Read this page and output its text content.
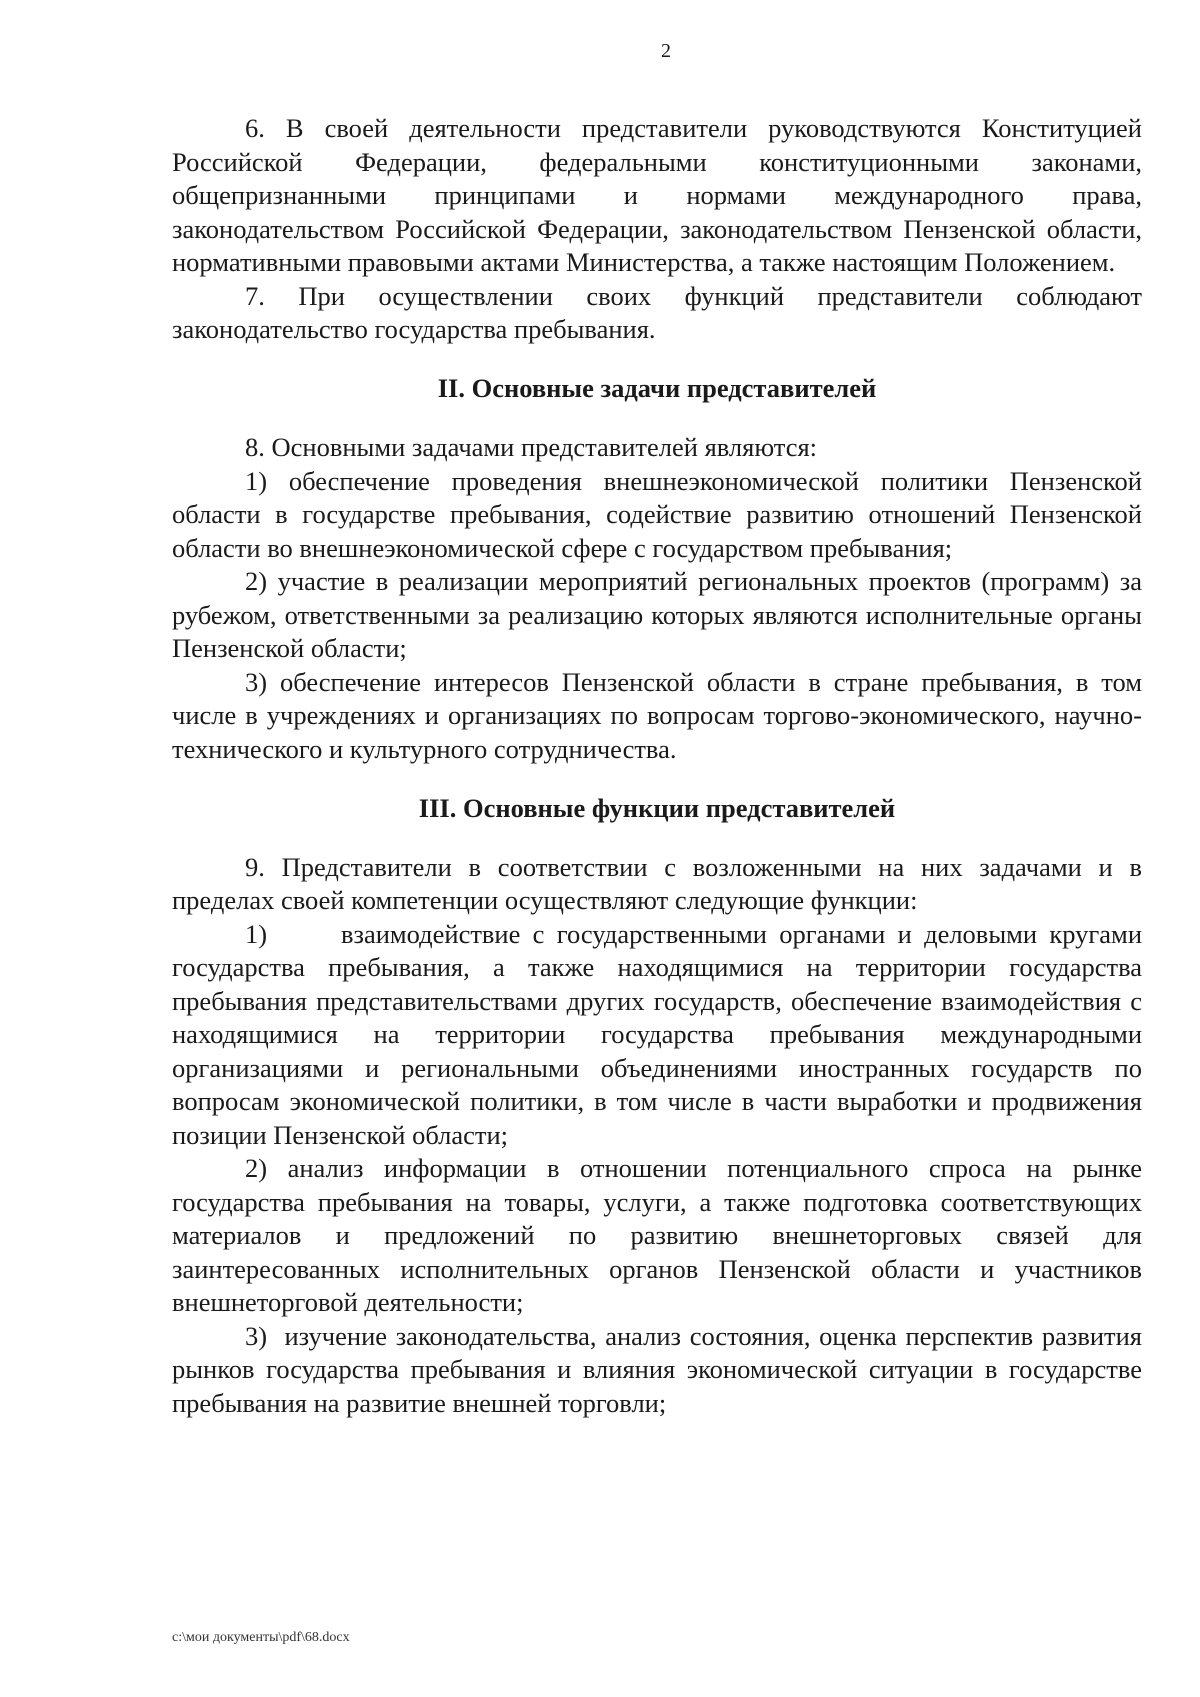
2

6. В своей деятельности представители руководствуются Конституцией Российской Федерации, федеральными конституционными законами, общепризнанными принципами и нормами международного права, законодательством Российской Федерации, законодательством Пензенской области, нормативными правовыми актами Министерства, а также настоящим Положением.

7. При осуществлении своих функций представители соблюдают законодательство государства пребывания.

II. Основные задачи представителей

8. Основными задачами представителей являются:

1) обеспечение проведения внешнеэкономической политики Пензенской области в государстве пребывания, содействие развитию отношений Пензенской области во внешнеэкономической сфере с государством пребывания;

2) участие в реализации мероприятий региональных проектов (программ) за рубежом, ответственными за реализацию которых являются исполнительные органы Пензенской области;

3) обеспечение интересов Пензенской области в стране пребывания, в том числе в учреждениях и организациях по вопросам торгово-экономического, научно-технического и культурного сотрудничества.

III. Основные функции представителей

9. Представители в соответствии с возложенными на них задачами и в пределах своей компетенции осуществляют следующие функции:

1)      взаимодействие с государственными органами и деловыми кругами государства пребывания, а также находящимися на территории государства пребывания представительствами других государств, обеспечение взаимодействия с находящимися на территории государства пребывания международными организациями и региональными объединениями иностранных государств по вопросам экономической политики, в том числе в части выработки и продвижения позиции Пензенской области;

2) анализ информации в отношении потенциального спроса на рынке государства пребывания на товары, услуги, а также подготовка соответствующих материалов и предложений по развитию внешнеторговых связей для заинтересованных исполнительных органов Пензенской области и участников внешнеторговой деятельности;

3)  изучение законодательства, анализ состояния, оценка перспектив развития рынков государства пребывания и влияния экономической ситуации в государстве пребывания на развитие внешней торговли;

c:\мои документы\pdf\68.docx
